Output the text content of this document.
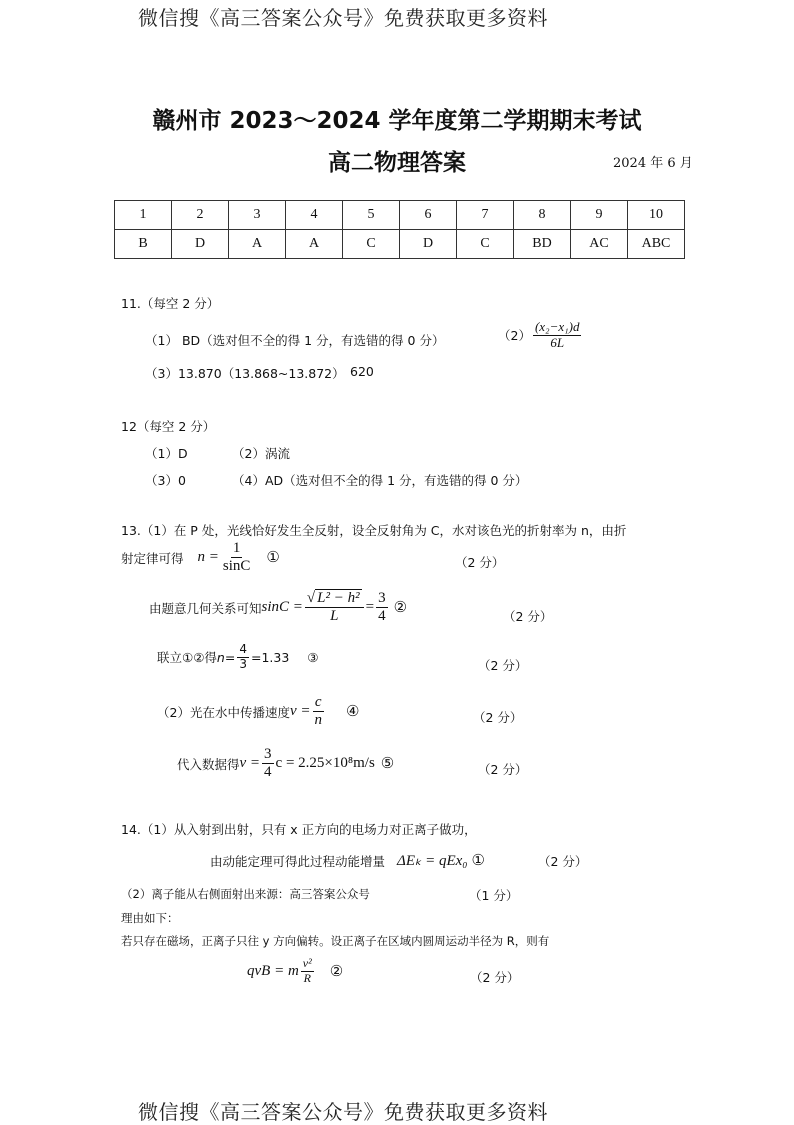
微信搜《高三答案公众号》免费获取更多资料
赣州市 2023～2024 学年度第二学期期末考试
高二物理答案	2024 年 6 月
1	2	3	4	5	6	7	8	9	10
B	D	A	A	C	D	C	BD	AC	ABC
11.（每空 2 分）
（1） BD（选对但不全的得 1 分，有选错的得 0 分）	$(2) \frac{\text{(x₂−x₁)d}}{6L}$
（3）13.870（13.868~13.872） 620
12（每空 2 分）
（1）D	（2）涡流
（3）0	（4）AD（选对但不全的得 1 分，有选错的得 0 分）
13.（1）在 P 处，光线恰好发生全反射，设全反射角为 C，水对该色光的折射率为 n，由折
射定律可得 $n = \frac{1}{\sin C}$ ①	（2 分）
由题意几何关系可知 $\sin C = \frac{\text{√ L² − h²}}{L} = \frac{3}{4}$ ②
（2 分）
联立①②得 $n= \frac{4}{3} =1.33$ ③
（2 分）
（2）光在水中传播速度 $v = \frac{c}{n}$ ④	（2 分）
代入数据得 $v = \frac{3}{4}$ c = 2.25×10⁸m/s ⑤	（2 分）
14.（1）从入射到出射，只有 x 正方向的电场力对正离子做功，
由动能定理可得此过程动能增量 ΔEₖ = qEx₀ ①	（2 分）
（2）离子能从右侧面射出来源：高三答案公众号	（1 分）
理由如下：
若只存在磁场，正离子只往 y 方向偏转。设正离子在区域内圆周运动半径为 R，则有
qvB = m $\frac{\text{v²}}{R}$ ②	（2 分）
微信搜《高三答案公众号》免费获取更多资料
